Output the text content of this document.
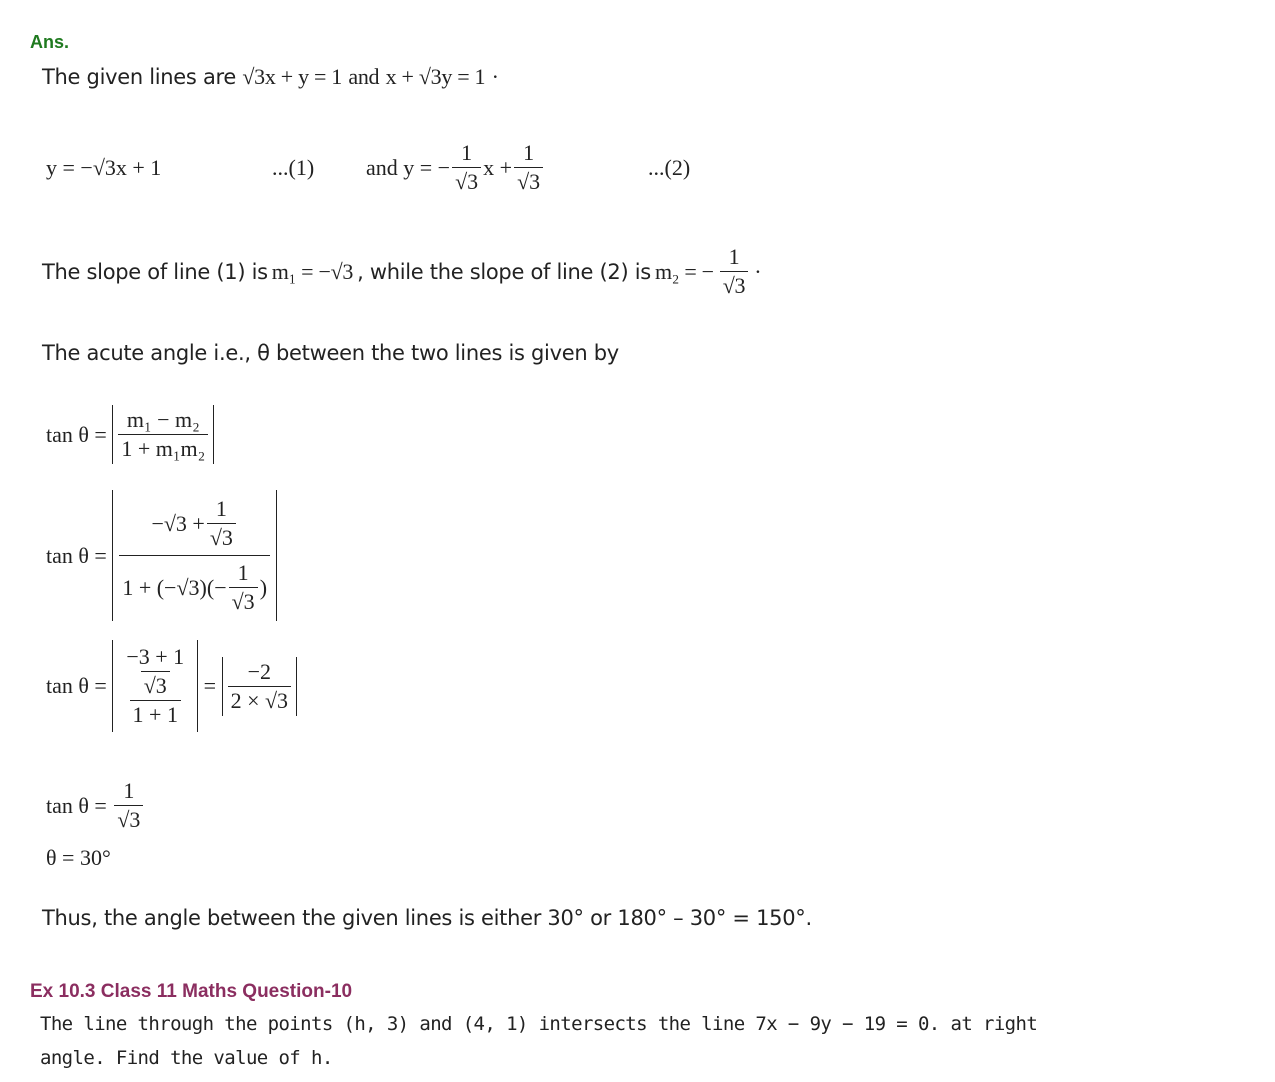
Ans.
The given lines are √3x + y = 1 and x + √3y = 1 ·
y = −√3x + 1	...(1) and
y = − $\frac{1}{√3}$ $x + \frac{1}{√3}$	...(2)
The slope of line (1) is m₁ = −√3 , while the slope of line (2) is m₂ = − $\frac{1}{√3}$ ·
The acute angle i.e., θ between the two lines is given by
tan θ =
$\frac{\text{m₁ − m₂}}{\text{1 + m₁m₂}}$
tan θ =

$-√3 + \frac{1}{√3}$
$1 + (-√3)(- \frac{1}{√3}$ )
tan θ =
$\frac{\frac{-3 + 1}{√3}}{1 + 1}$
=
$\frac{-2}{2 \times √3}$
tan θ =
$\frac{1}{√3}$
θ = 30°
Thus, the angle between the given lines is either 30° or 180° – 30° = 150°.
Ex 10.3 Class 11 Maths Question-10
The line through the points (h, 3) and (4, 1) intersects the line 7x − 9y − 19 = 0. at right
angle. Find the value of h.
